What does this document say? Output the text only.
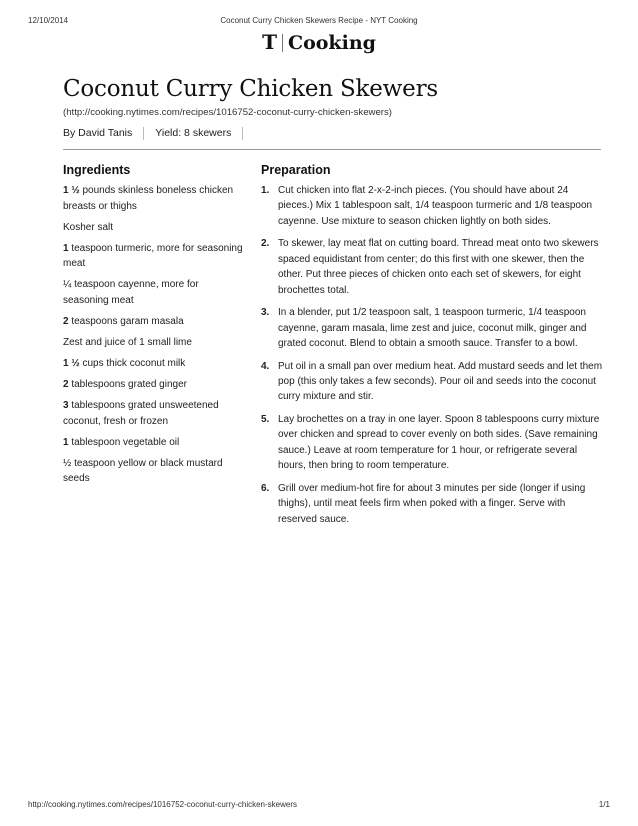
12/10/2014	Coconut Curry Chicken Skewers Recipe - NYT Cooking
T Cooking
Coconut Curry Chicken Skewers
(http://cooking.nytimes.com/recipes/1016752-coconut-curry-chicken-skewers)
By David Tanis Yield: 8 skewers
Ingredients
1 ½ pounds skinless boneless chicken breasts or thighs
Kosher salt
1 teaspoon turmeric, more for seasoning meat
¼ teaspoon cayenne, more for seasoning meat
2 teaspoons garam masala
Zest and juice of 1 small lime
1 ½ cups thick coconut milk
2 tablespoons grated ginger
3 tablespoons grated unsweetened coconut, fresh or frozen
1 tablespoon vegetable oil
½ teaspoon yellow or black mustard seeds
Preparation
1. Cut chicken into flat 2-x-2-inch pieces. (You should have about 24 pieces.) Mix 1 tablespoon salt, 1/4 teaspoon turmeric and 1/8 teaspoon cayenne. Use mixture to season chicken lightly on both sides.
2. To skewer, lay meat flat on cutting board. Thread meat onto two skewers spaced equidistant from center; do this first with one skewer, then the other. Put three pieces of chicken onto each set of skewers, for eight brochettes total.
3. In a blender, put 1/2 teaspoon salt, 1 teaspoon turmeric, 1/4 teaspoon cayenne, garam masala, lime zest and juice, coconut milk, ginger and grated coconut. Blend to obtain a smooth sauce. Transfer to a bowl.
4. Put oil in a small pan over medium heat. Add mustard seeds and let them pop (this only takes a few seconds). Pour oil and seeds into the coconut curry mixture and stir.
5. Lay brochettes on a tray in one layer. Spoon 8 tablespoons curry mixture over chicken and spread to cover evenly on both sides. (Save remaining sauce.) Leave at room temperature for 1 hour, or refrigerate several hours, then bring to room temperature.
6. Grill over medium-hot fire for about 3 minutes per side (longer if using thighs), until meat feels firm when poked with a finger. Serve with reserved sauce.
http://cooking.nytimes.com/recipes/1016752-coconut-curry-chicken-skewers	1/1
